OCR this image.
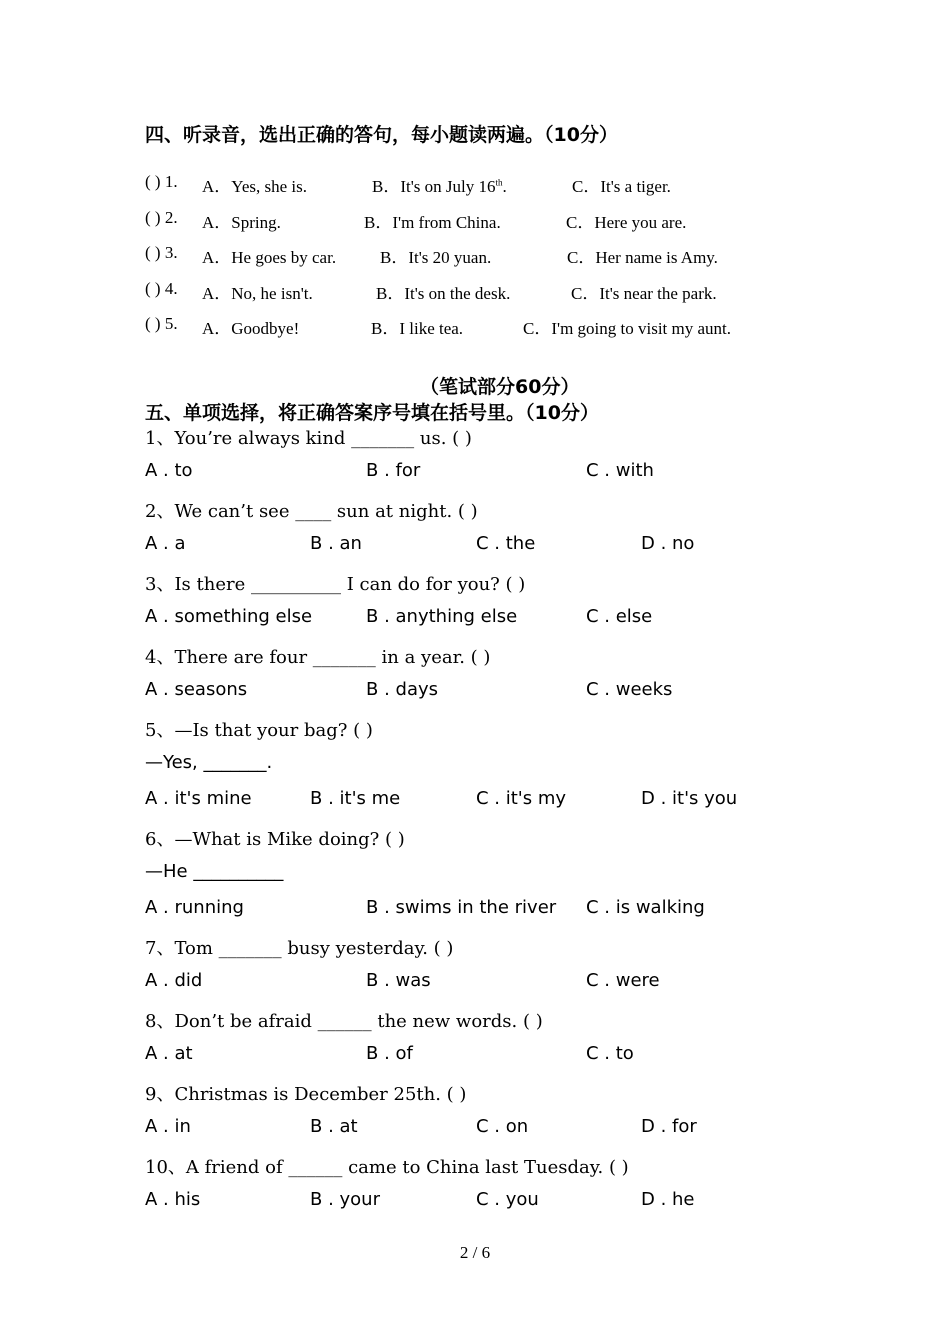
四、听录音，选出正确的答句，每小题读两遍。（10分）
( ) 1. A．Yes, she is.	B．It's on July 16th.	C．It's a tiger.
( ) 2. A．Spring.	B．I'm from China.	C．Here you are.
( ) 3. A．He goes by car.	B．It's 20 yuan.	C．Her name is Amy.
( ) 4. A．No, he isn't.	B．It's on the desk.	C．It's near the park.
( ) 5. A．Goodbye!	B．I like tea.	C．I'm going to visit my aunt.
（笔试部分60分）
五、单项选择，将正确答案序号填在括号里。（10分）
1、You’re always kind _______ us. ( )
A . to	B . for	C . with
2、We can’t see ____ sun at night. ( )
A . a	B . an	C . the	D . no
3、Is there __________ I can do for you? ( )
A . something else	B . anything else	C . else
4、There are four _______ in a year. ( )
A . seasons	B . days	C . weeks
5、—Is that your bag? ( )
—Yes, _______.
A . it's mine	B . it's me	C . it's my	D . it's you
6、—What is Mike doing? ( )
—He __________
A . running	B . swims in the river C . is walking
7、Tom _______ busy yesterday. ( )
A . did	B . was	C . were
8、Don’t be afraid ______ the new words. ( )
A . at	B . of	C . to
9、Christmas is December 25th. ( )
A . in	B . at	C . on	D . for
10、A friend of ______ came to China last Tuesday. ( )
A . his	B . your	C . you	D . he
2 / 6
